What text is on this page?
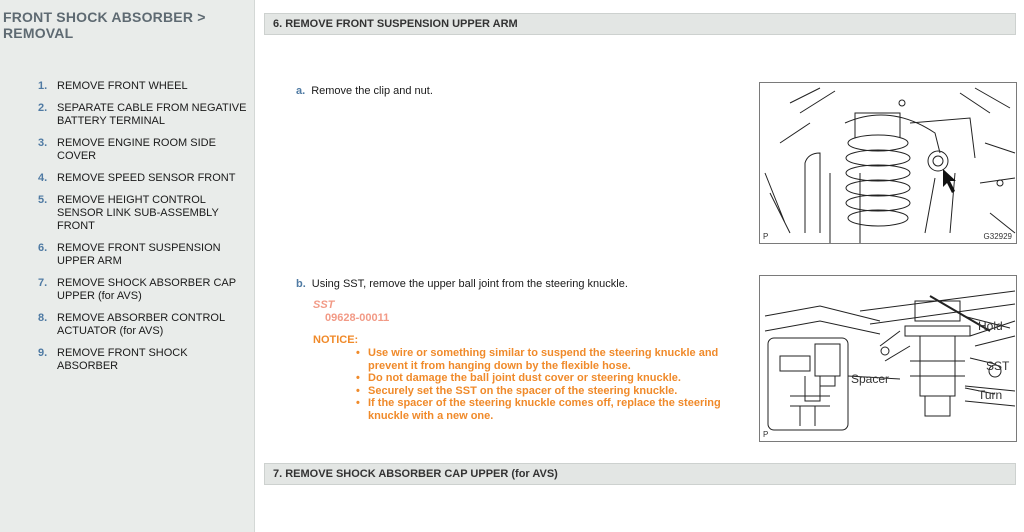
FRONT SHOCK ABSORBER > REMOVAL
1. REMOVE FRONT WHEEL
2. SEPARATE CABLE FROM NEGATIVE BATTERY TERMINAL
3. REMOVE ENGINE ROOM SIDE COVER
4. REMOVE SPEED SENSOR FRONT
5. REMOVE HEIGHT CONTROL SENSOR LINK SUB-ASSEMBLY FRONT
6. REMOVE FRONT SUSPENSION UPPER ARM
7. REMOVE SHOCK ABSORBER CAP UPPER (for AVS)
8. REMOVE ABSORBER CONTROL ACTUATOR (for AVS)
9. REMOVE FRONT SHOCK ABSORBER
6. REMOVE FRONT SUSPENSION UPPER ARM
a. Remove the clip and nut.
P	G32929
b. Using SST, remove the upper ball joint from the steering knuckle.
SST
09628-00011
NOTICE:
• Use wire or something similar to suspend the steering knuckle and prevent it from hanging down by the flexible hose.
• Do not damage the ball joint dust cover or steering knuckle.
• Securely set the SST on the spacer of the steering knuckle.
• If the spacer of the steering knuckle comes off, replace the steering knuckle with a new one.
Hold
SST
Turn
Spacer
P
7. REMOVE SHOCK ABSORBER CAP UPPER (for AVS)
